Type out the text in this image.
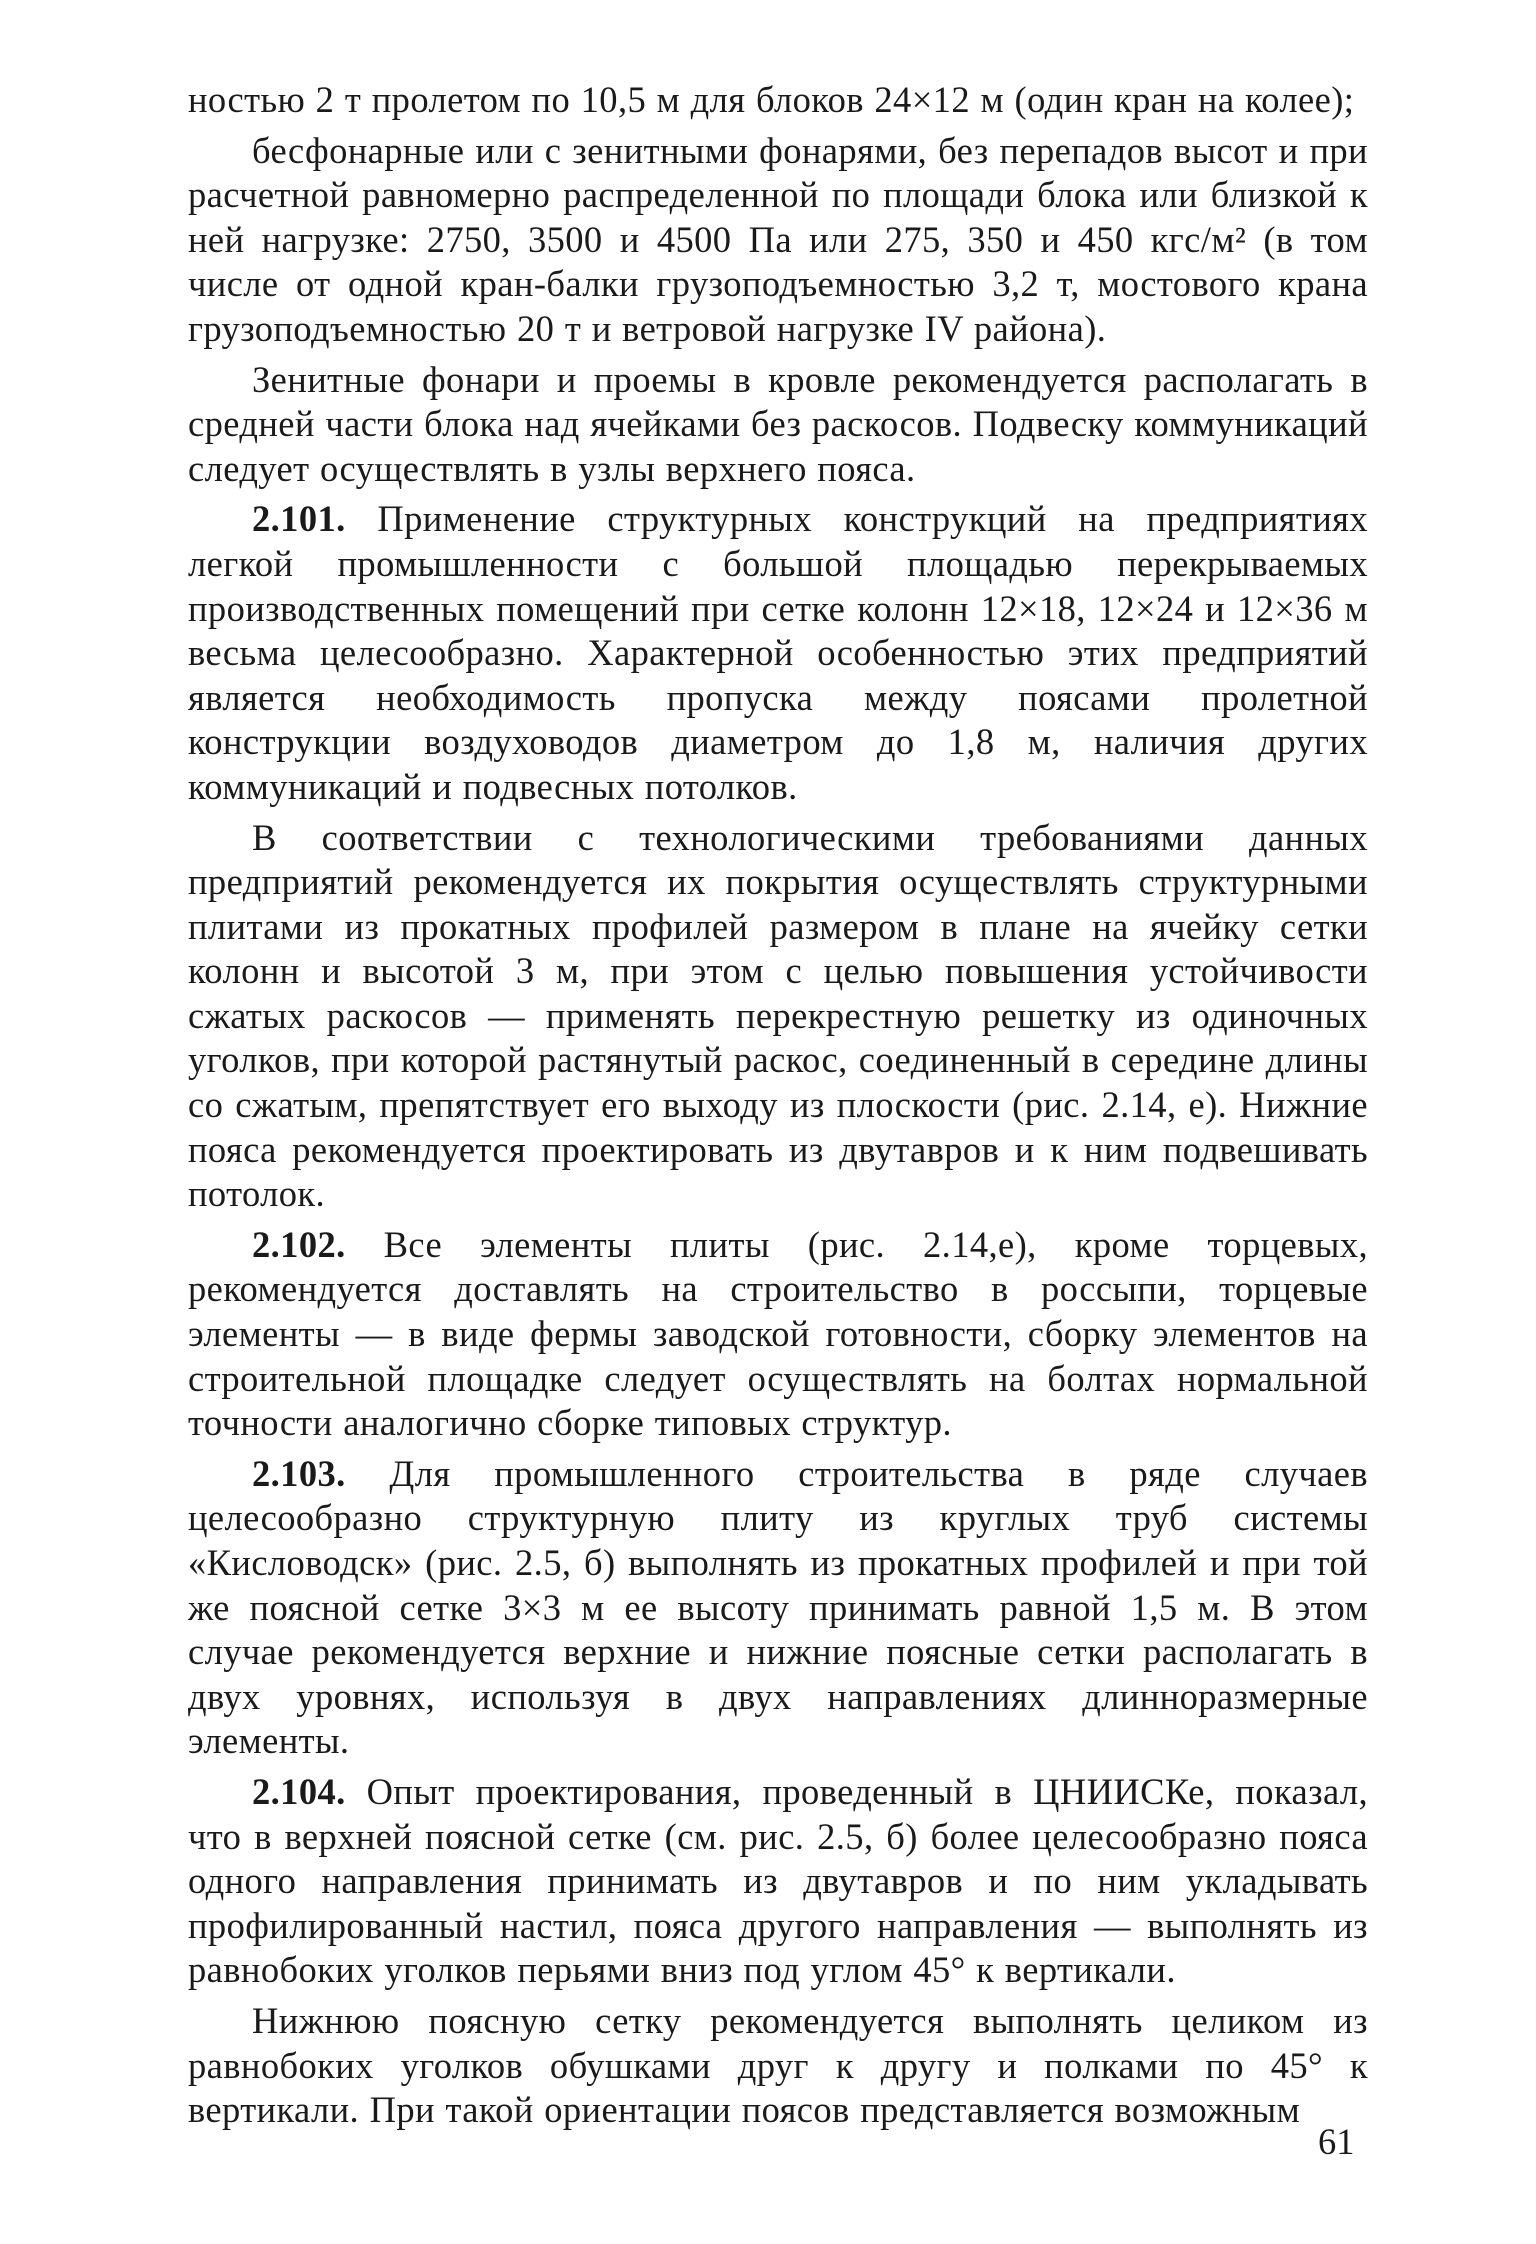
ностью 2 т пролетом по 10,5 м для блоков 24×12 м (один кран на колее);

бесфонарные или с зенитными фонарями, без перепадов высот и при расчетной равномерно распределенной по площади блока или близкой к ней нагрузке: 2750, 3500 и 4500 Па или 275, 350 и 450 кгс/м² (в том числе от одной кран-балки грузоподъемностью 3,2 т, мостового крана грузоподъемностью 20 т и ветровой нагрузке IV района).

Зенитные фонари и проемы в кровле рекомендуется располагать в средней части блока над ячейками без раскосов. Подвеску коммуникаций следует осуществлять в узлы верхнего пояса.

2.101. Применение структурных конструкций на предприятиях легкой промышленности с большой площадью перекрываемых производственных помещений при сетке колонн 12×18, 12×24 и 12×36 м весьма целесообразно. Характерной особенностью этих предприятий является необходимость пропуска между поясами пролетной конструкции воздуховодов диаметром до 1,8 м, наличия других коммуникаций и подвесных потолков.

В соответствии с технологическими требованиями данных предприятий рекомендуется их покрытия осуществлять структурными плитами из прокатных профилей размером в плане на ячейку сетки колонн и высотой 3 м, при этом с целью повышения устойчивости сжатых раскосов — применять перекрестную решетку из одиночных уголков, при которой растянутый раскос, соединенный в середине длины со сжатым, препятствует его выходу из плоскости (рис. 2.14, е). Нижние пояса рекомендуется проектировать из двутавров и к ним подвешивать потолок.

2.102. Все элементы плиты (рис. 2.14,е), кроме торцевых, рекомендуется доставлять на строительство в россыпи, торцевые элементы — в виде фермы заводской готовности, сборку элементов на строительной площадке следует осуществлять на болтах нормальной точности аналогично сборке типовых структур.

2.103. Для промышленного строительства в ряде случаев целесообразно структурную плиту из круглых труб системы «Кисловодск» (рис. 2.5, б) выполнять из прокатных профилей и при той же поясной сетке 3×3 м ее высоту принимать равной 1,5 м. В этом случае рекомендуется верхние и нижние поясные сетки располагать в двух уровнях, используя в двух направлениях длинноразмерные элементы.

2.104. Опыт проектирования, проведенный в ЦНИИСКе, показал, что в верхней поясной сетке (см. рис. 2.5, б) более целесообразно пояса одного направления принимать из двутавров и по ним укладывать профилированный настил, пояса другого направления — выполнять из равнобоких уголков перьями вниз под углом 45° к вертикали.

Нижнюю поясную сетку рекомендуется выполнять целиком из равнобоких уголков обушками друг к другу и полками по 45° к вертикали. При такой ориентации поясов представляется возможным

61
